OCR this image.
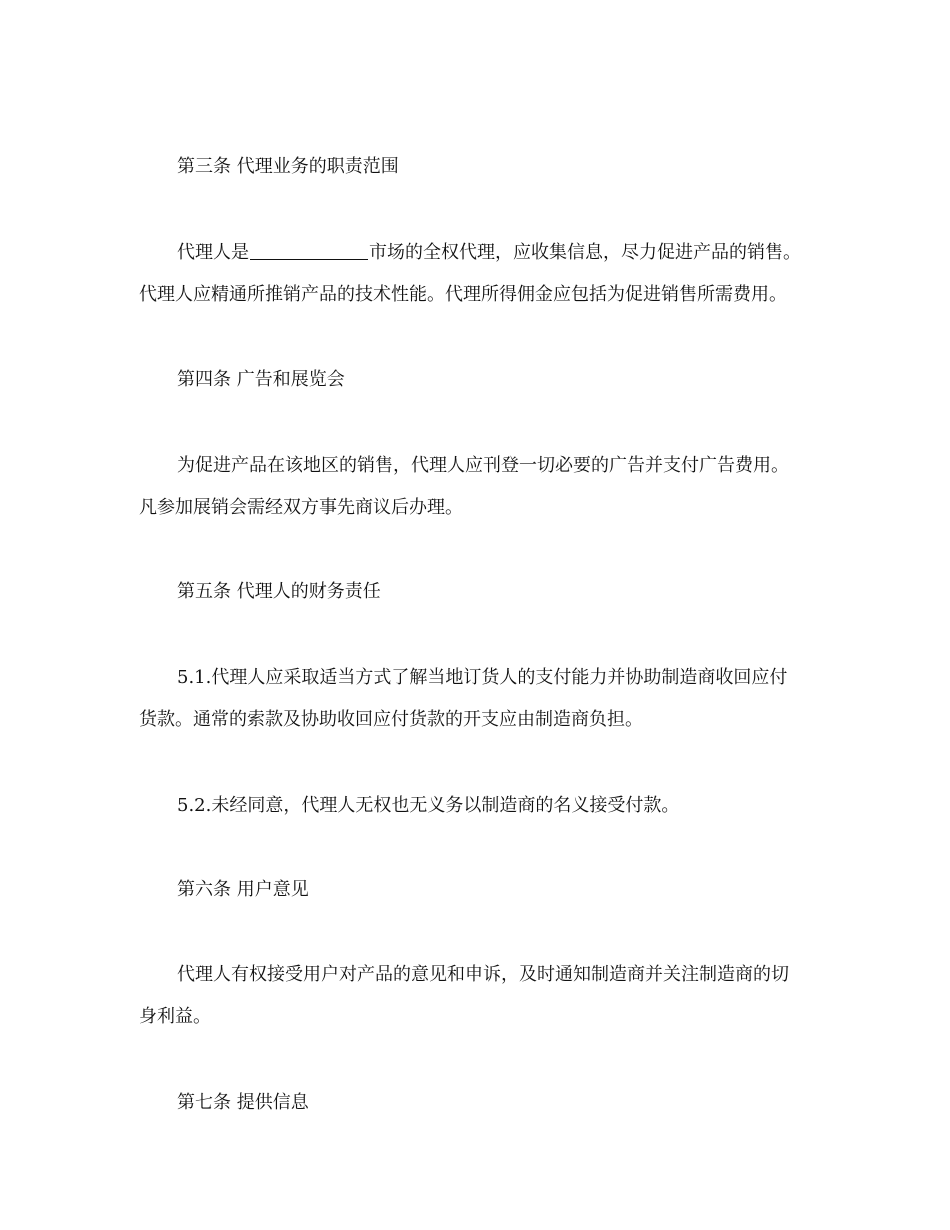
第三条 代理业务的职责范围
代理人是	市场的全权代理，应收集信息，尽力促进产品的销售。
代理人应精通所推销产品的技术性能。代理所得佣金应包括为促进销售所需费用。
第四条 广告和展览会
为促进产品在该地区的销售，代理人应刊登一切必要的广告并支付广告费用。
凡参加展销会需经双方事先商议后办理。
第五条 代理人的财务责任
5.1.代理人应采取适当方式了解当地订货人的支付能力并协助制造商收回应付
货款。通常的索款及协助收回应付货款的开支应由制造商负担。
5.2.未经同意，代理人无权也无义务以制造商的名义接受付款。
第六条 用户意见
代理人有权接受用户对产品的意见和申诉，及时通知制造商并关注制造商的切
身利益。
第七条 提供信息
